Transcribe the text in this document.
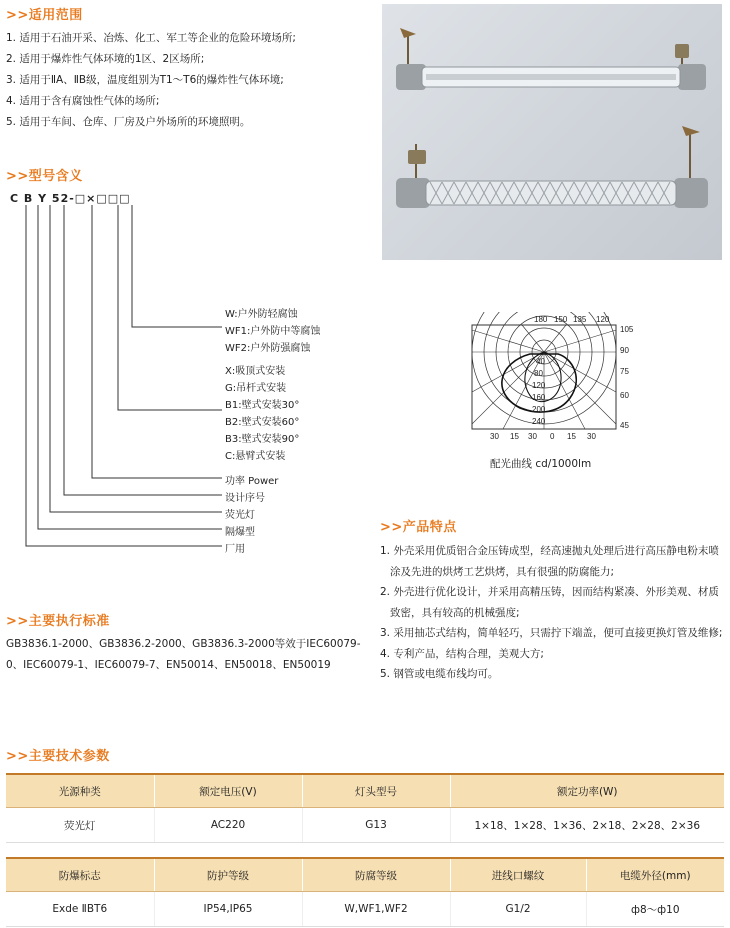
>>适用范围
1. 适用于石油开采、冶炼、化工、军工等企业的危险环境场所;
2. 适用于爆炸性气体环境的1区、2区场所;
3. 适用于ⅡA、ⅡB级，温度组别为T1～T6的爆炸性气体环境;
4. 适用于含有腐蚀性气体的场所;
5. 适用于车间、仓库、厂房及户外场所的环境照明。
>>型号含义
C B Y 52-□×□□□
W:户外防轻腐蚀
WF1:户外防中等腐蚀
WF2:户外防强腐蚀
X:吸顶式安装
G:吊杆式安装
B1:壁式安装30°
B2:壁式安装60°
B3:壁式安装90°
C:悬臂式安装
功率 Power
设计序号
荧光灯
隔爆型
厂用
180 150 135 120
105
90
75
60
45
30 15 30 0 15 30
40
80
120
160
200
240
配光曲线 cd/1000lm
>>主要执行标准
GB3836.1-2000、GB3836.2-2000、GB3836.3-2000等效于IEC60079-0、IEC60079-1、IEC60079-7、EN50014、EN50018、EN50019
>>产品特点
1. 外壳采用优质铝合金压铸成型，经高速抛丸处理后进行高压静电粉末喷涂及先进的烘烤工艺烘烤，具有很强的防腐能力;
2. 外壳进行优化设计，并采用高精压铸，因而结构紧凑、外形美观、材质致密，具有较高的机械强度;
3. 采用抽芯式结构，简单轻巧，只需拧下端盖，便可直接更换灯管及维修;
4. 专利产品，结构合理，美观大方;
5. 钢管或电缆布线均可。
>>主要技术参数
光源种类	额定电压(V)	灯头型号	额定功率(W)
荧光灯	AC220	G13	1×18、1×28、1×36、2×18、2×28、2×36
防爆标志	防护等级	防腐等级	进线口螺纹	电缆外径(mm)
Exde ⅡBT6	IP54,IP65	W,WF1,WF2	G1/2	ф8～ф10
